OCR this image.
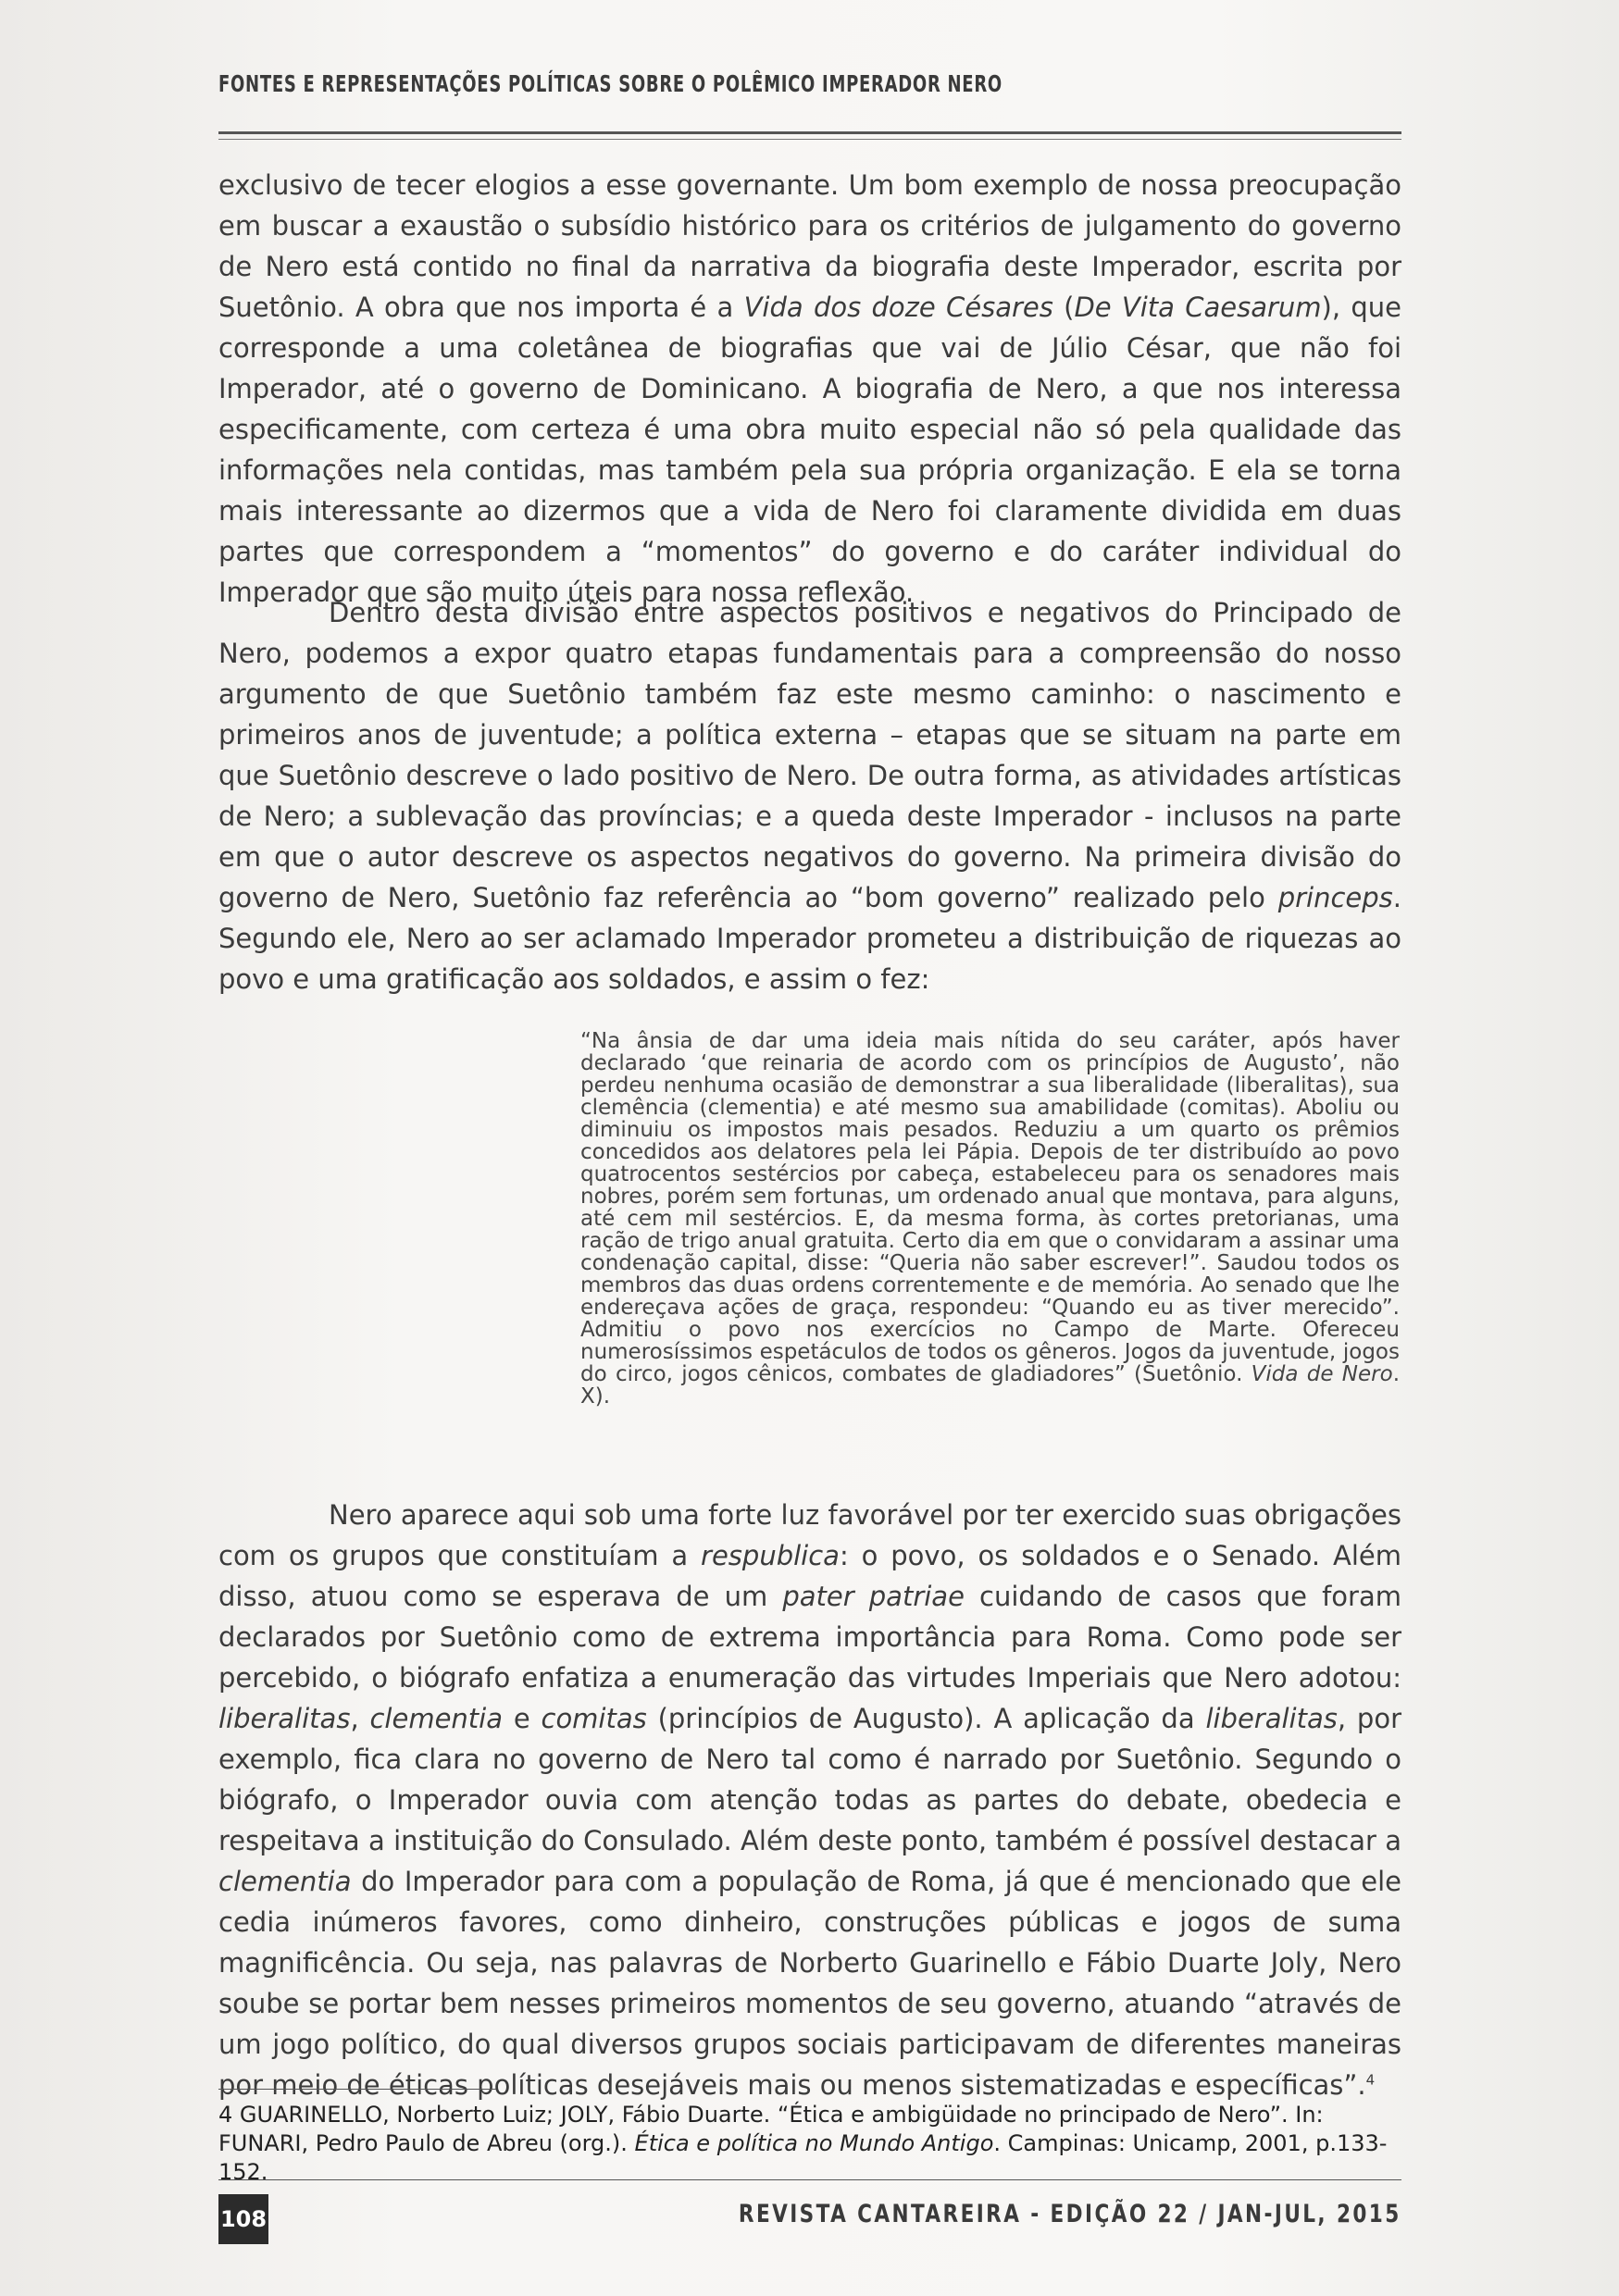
FONTES E REPRESENTAÇÕES POLÍTICAS SOBRE O POLÊMICO IMPERADOR NERO

exclusivo de tecer elogios a esse governante. Um bom exemplo de nossa preocupação em buscar a exaustão o subsídio histórico para os critérios de julgamento do governo de Nero está contido no final da narrativa da biografia deste Imperador, escrita por Suetônio. A obra que nos importa é a Vida dos doze Césares (De Vita Caesarum), que corresponde a uma coletânea de biografias que vai de Júlio César, que não foi Imperador, até o governo de Dominicano. A biografia de Nero, a que nos interessa especificamente, com certeza é uma obra muito especial não só pela qualidade das informações nela contidas, mas também pela sua própria organização. E ela se torna mais interessante ao dizermos que a vida de Nero foi claramente dividida em duas partes que correspondem a “momentos” do governo e do caráter individual do Imperador que são muito úteis para nossa reflexão.

Dentro desta divisão entre aspectos positivos e negativos do Principado de Nero, podemos a expor quatro etapas fundamentais para a compreensão do nosso argumento de que Suetônio também faz este mesmo caminho: o nascimento e primeiros anos de juventude; a política externa – etapas que se situam na parte em que Suetônio descreve o lado positivo de Nero. De outra forma, as atividades artísticas de Nero; a sublevação das províncias; e a queda deste Imperador - inclusos na parte em que o autor descreve os aspectos negativos do governo. Na primeira divisão do governo de Nero, Suetônio faz referência ao “bom governo” realizado pelo princeps. Segundo ele, Nero ao ser aclamado Imperador prometeu a distribuição de riquezas ao povo e uma gratificação aos soldados, e assim o fez:

“Na ânsia de dar uma ideia mais nítida do seu caráter, após haver declarado ‘que reinaria de acordo com os princípios de Augusto’, não perdeu nenhuma ocasião de demonstrar a sua liberalidade (liberalitas), sua clemência (clementia) e até mesmo sua amabilidade (comitas). Aboliu ou diminuiu os impostos mais pesados. Reduziu a um quarto os prêmios concedidos aos delatores pela lei Pápia. Depois de ter distribuído ao povo quatrocentos sestércios por cabeça, estabeleceu para os senadores mais nobres, porém sem fortunas, um ordenado anual que montava, para alguns, até cem mil sestércios. E, da mesma forma, às cortes pretorianas, uma ração de trigo anual gratuita. Certo dia em que o convidaram a assinar uma condenação capital, disse: “Queria não saber escrever!”. Saudou todos os membros das duas ordens correntemente e de memória. Ao senado que lhe endereçava ações de graça, respondeu: “Quando eu as tiver merecido”. Admitiu o povo nos exercícios no Campo de Marte. Ofereceu numerosíssimos espetáculos de todos os gêneros. Jogos da juventude, jogos do circo, jogos cênicos, combates de gladiadores” (Suetônio. Vida de Nero. X).

Nero aparece aqui sob uma forte luz favorável por ter exercido suas obrigações com os grupos que constituíam a respublica: o povo, os soldados e o Senado. Além disso, atuou como se esperava de um pater patriae cuidando de casos que foram declarados por Suetônio como de extrema importância para Roma. Como pode ser percebido, o biógrafo enfatiza a enumeração das virtudes Imperiais que Nero adotou: liberalitas, clementia e comitas (princípios de Augusto). A aplicação da liberalitas, por exemplo, fica clara no governo de Nero tal como é narrado por Suetônio. Segundo o biógrafo, o Imperador ouvia com atenção todas as partes do debate, obedecia e respeitava a instituição do Consulado. Além deste ponto, também é possível destacar a clementia do Imperador para com a população de Roma, já que é mencionado que ele cedia inúmeros favores, como dinheiro, construções públicas e jogos de suma magnificência. Ou seja, nas palavras de Norberto Guarinello e Fábio Duarte Joly, Nero soube se portar bem nesses primeiros momentos de seu governo, atuando “através de um jogo político, do qual diversos grupos sociais participavam de diferentes maneiras por meio de éticas políticas desejáveis mais ou menos sistematizadas e específicas”.$^4$

4 GUARINELLO, Norberto Luiz; JOLY, Fábio Duarte. “Ética e ambigüidade no principado de Nero”. In: FUNARI, Pedro Paulo de Abreu (org.). Ética e política no Mundo Antigo. Campinas: Unicamp, 2001, p.133-152.
108	REVISTA CANTAREIRA - EDIÇÃO 22 / JAN-JUL, 2015
